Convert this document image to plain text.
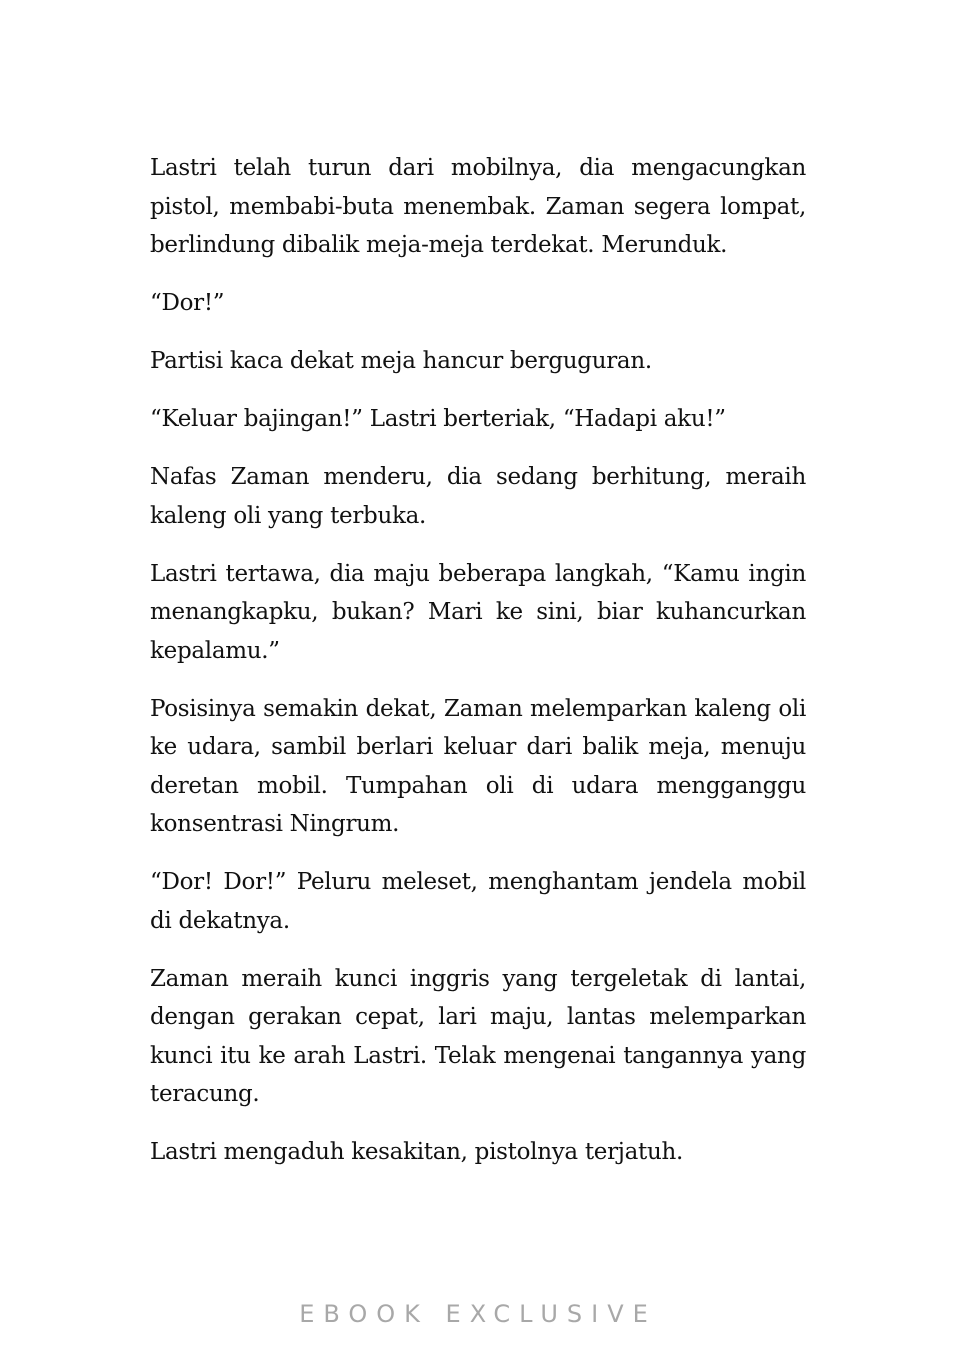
Lastri telah turun dari mobilnya, dia mengacungkan pistol, membabi-buta menembak. Zaman segera lompat, berlindung dibalik meja-meja terdekat. Merunduk.

“Dor!”

Partisi kaca dekat meja hancur berguguran.

“Keluar bajingan!” Lastri berteriak, “Hadapi aku!”

Nafas Zaman menderu, dia sedang berhitung, meraih kaleng oli yang terbuka.

Lastri tertawa, dia maju beberapa langkah, “Kamu ingin menangkapku, bukan? Mari ke sini, biar kuhancurkan kepalamu.”

Posisinya semakin dekat, Zaman melemparkan kaleng oli ke udara, sambil berlari keluar dari balik meja, menuju deretan mobil. Tumpahan oli di udara mengganggu konsentrasi Ningrum.

“Dor! Dor!” Peluru meleset, menghantam jendela mobil di dekatnya.

Zaman meraih kunci inggris yang tergeletak di lantai, dengan gerakan cepat, lari maju, lantas melemparkan kunci itu ke arah Lastri. Telak mengenai tangannya yang teracung.

Lastri mengaduh kesakitan, pistolnya terjatuh.

EBOOK EXCLUSIVE
